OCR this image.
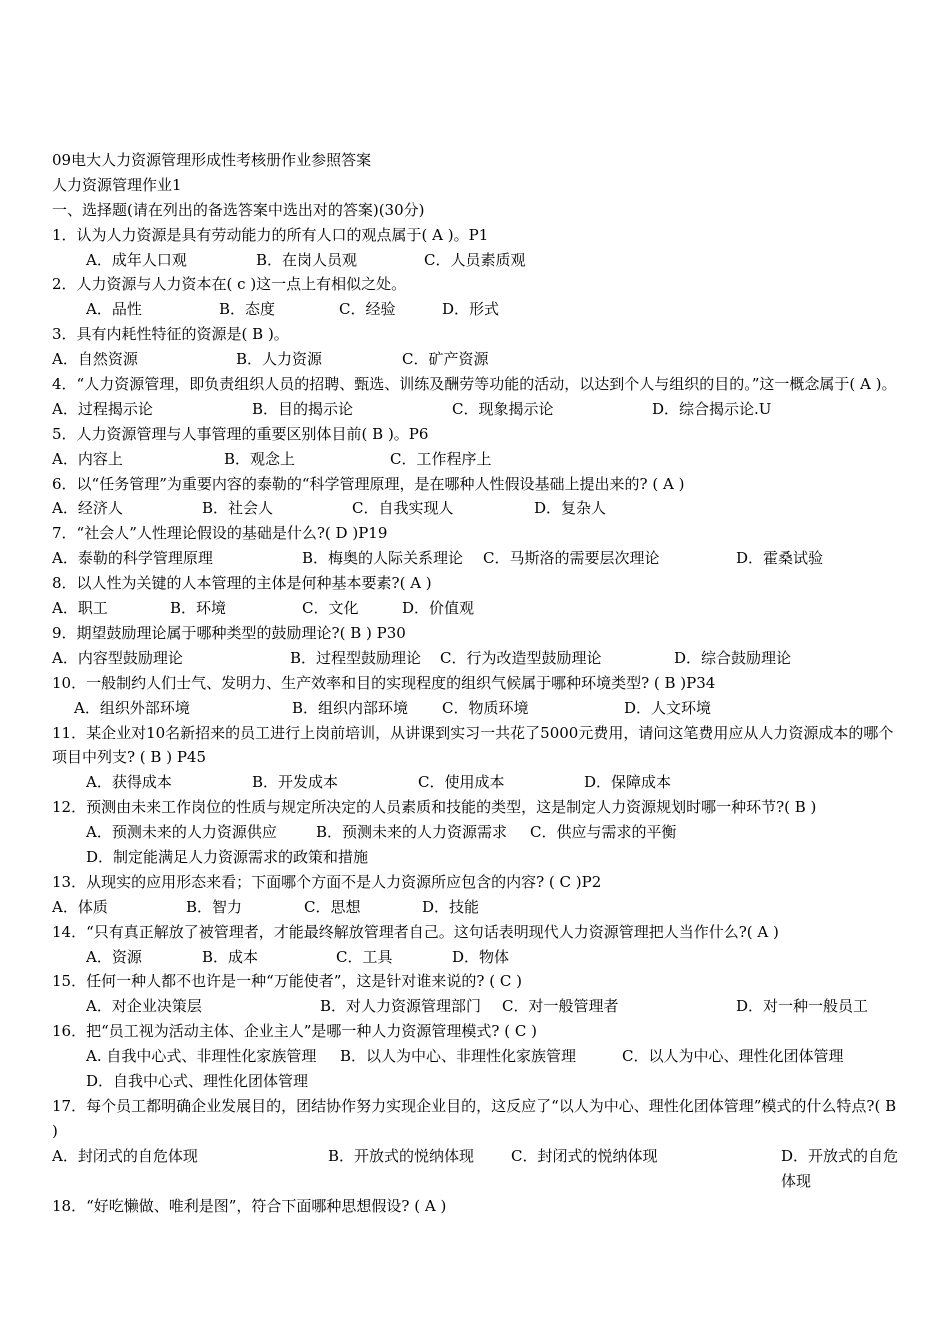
09电大人力资源管理形成性考核册作业参照答案
人力资源管理作业1
一、选择题(请在列出的备选答案中选出对的答案)(30分)
1．认为人力资源是具有劳动能力的所有人口的观点属于( A )。P1
A．成年人口观	B．在岗人员观	C．人员素质观
2．人力资源与人力资本在( c )这一点上有相似之处。
A．品性	B．态度	C．经验	D．形式
3．具有内耗性特征的资源是( B )。
A．自然资源	B．人力资源	C．矿产资源
4．“人力资源管理，即负责组织人员的招聘、甄选、训练及酬劳等功能的活动，以达到个人与组织的目的。”这一概念属于( A )。
A．过程揭示论	B．目的揭示论	C．现象揭示论	D．综合揭示论.U
5．人力资源管理与人事管理的重要区别体目前( B )。P6
A．内容上	B．观念上	C．工作程序上
6．以“任务管理”为重要内容的泰勒的“科学管理原理，是在哪种人性假设基础上提出来的? ( A )
A．经济人	B．社会人	C．自我实现人	D．复杂人
7．“社会人”人性理论假设的基础是什么?( D )P19
A．泰勒的科学管理原理	B．梅奥的人际关系理论	C．马斯洛的需要层次理论	D．霍桑试验
8．以人性为关键的人本管理的主体是何种基本要素?( A )
A．职工	B．环境	C．文化	D．价值观
9．期望鼓励理论属于哪种类型的鼓励理论?( B ) P30
A．内容型鼓励理论	B．过程型鼓励理论	C．行为改造型鼓励理论	D．综合鼓励理论
10．一般制约人们士气、发明力、生产效率和目的实现程度的组织气候属于哪种环境类型? ( B )P34
A．组织外部环境	B．组织内部环境	C．物质环境	D．人文环境
11．某企业对10名新招来的员工进行上岗前培训，从讲课到实习一共花了5000元费用，请问这笔费用应从人力资源成本的哪个项目中列支? ( B ) P45
A．获得成本	B．开发成本	C．使用成本	D．保障成本
12．预测由未来工作岗位的性质与规定所决定的人员素质和技能的类型，这是制定人力资源规划时哪一种环节?( B )
A．预测未来的人力资源供应	B．预测未来的人力资源需求	C．供应与需求的平衡
D．制定能满足人力资源需求的政策和措施
13．从现实的应用形态来看；下面哪个方面不是人力资源所应包含的内容? ( C )P2
A．体质	B．智力	C．思想	D．技能
14．“只有真正解放了被管理者，才能最终解放管理者自己。这句话表明现代人力资源管理把人当作什么?( A )
A．资源	B．成本	C．工具	D．物体
15．任何一种人都不也许是一种“万能使者”，这是针对谁来说的? ( C )
A．对企业决策层	B．对人力资源管理部门	C．对一般管理者	D．对一种一般员工
16．把“员工视为活动主体、企业主人”是哪一种人力资源管理模式? ( C )
A. 自我中心式、非理性化家族管理	B．以人为中心、非理性化家族管理	C．以人为中心、理性化团体管理
D．自我中心式、理性化团体管理
17．每个员工都明确企业发展目的，团结协作努力实现企业目的，这反应了“以人为中心、理性化团体管理”模式的什么特点?( B )
A．封闭式的自危体现	B．开放式的悦纳体现	C．封闭式的悦纳体现	D．开放式的自危体现
18．“好吃懒做、唯利是图”，符合下面哪种思想假设? ( A )
